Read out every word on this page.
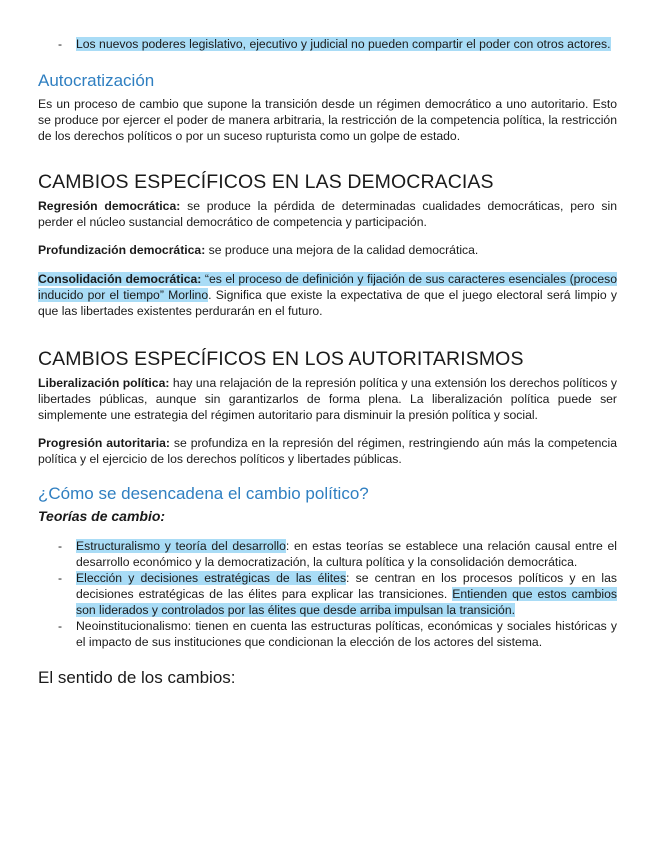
- Los nuevos poderes legislativo, ejecutivo y judicial no pueden compartir el poder con otros actores.
Autocratización

Es un proceso de cambio que supone la transición desde un régimen democrático a uno autoritario. Esto se produce por ejercer el poder de manera arbitraria, la restricción de la competencia política, la restricción de los derechos políticos o por un suceso rupturista como un golpe de estado.

CAMBIOS ESPECÍFICOS EN LAS DEMOCRACIAS

Regresión democrática: se produce la pérdida de determinadas cualidades democráticas, pero sin perder el núcleo sustancial democrático de competencia y participación.

Profundización democrática: se produce una mejora de la calidad democrática.

Consolidación democrática: “es el proceso de definición y fijación de sus caracteres esenciales (proceso inducido por el tiempo” Morlino. Significa que existe la expectativa de que el juego electoral será limpio y que las libertades existentes perdurarán en el futuro.

CAMBIOS ESPECÍFICOS EN LOS AUTORITARISMOS

Liberalización política: hay una relajación de la represión política y una extensión los derechos políticos y libertades públicas, aunque sin garantizarlos de forma plena. La liberalización política puede ser simplemente une estrategia del régimen autoritario para disminuir la presión política y social.

Progresión autoritaria: se profundiza en la represión del régimen, restringiendo aún más la competencia política y el ejercicio de los derechos políticos y libertades públicas.

¿Cómo se desencadena el cambio político?
Teorías de cambio:
- Estructuralismo y teoría del desarrollo: en estas teorías se establece una relación causal entre el desarrollo económico y la democratización, la cultura política y la consolidación democrática.
- Elección y decisiones estratégicas de las élites: se centran en los procesos políticos y en las decisiones estratégicas de las élites para explicar las transiciones. Entienden que estos cambios son liderados y controlados por las élites que desde arriba impulsan la transición.
- Neoinstitucionalismo: tienen en cuenta las estructuras políticas, económicas y sociales históricas y el impacto de sus instituciones que condicionan la elección de los actores del sistema.
El sentido de los cambios:
